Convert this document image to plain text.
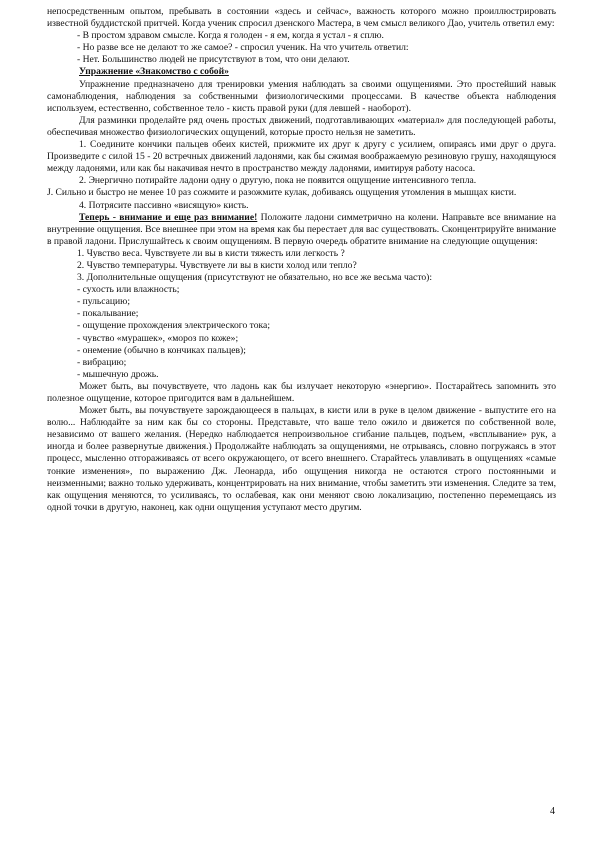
непосредственным опытом, пребывать в состоянии «здесь и сейчас», важность которого можно проиллюстрировать известной буддистской притчей. Когда ученик спросил дзенского Мастера, в чем смысл великого Дао, учитель ответил ему:

- В простом здравом смысле. Когда я голоден - я ем, когда я устал - я сплю.

- Но разве все не делают то же самое? - спросил ученик. На что учитель ответил:

- Нет. Большинство людей не присутствуют в том, что они делают.

Упражнение «Знакомство с собой»

Упражнение предназначено для тренировки умения наблюдать за своими ощущениями. Это простейший навык самонаблюдения, наблюдения за собственными физиологическими процессами. В качестве объекта наблюдения используем, естественно, собственное тело - кисть правой руки (для левшей - наоборот).

Для разминки проделайте ряд очень простых движений, подготавливающих «материал» для последующей работы, обеспечивая множество физиологических ощущений, которые просто нельзя не заметить.

1. Соедините кончики пальцев обеих кистей, прижмите их друг к другу с усилием, опираясь ими друг о друга. Произведите с силой 15 - 20 встречных движений ладонями, как бы сжимая воображаемую резиновую грушу, находящуюся между ладонями, или как бы накачивая нечто в пространство между ладонями, имитируя работу насоса.

2. Энергично потирайте ладони одну о другую, пока не появится ощущение интенсивного тепла.

J. Сильно и быстро не менее 10 раз сожмите и разожмите кулак, добиваясь ощущения утомления в мышцах кисти.

4. Потрясите пассивно «висящую» кисть.

Теперь - внимание и еще раз внимание! Положите ладони симметрично на колени. Направьте все внимание на внутренние ощущения. Все внешнее при этом на время как бы перестает для вас существовать. Сконцентрируйте внимание в правой ладони. Прислушайтесь к своим ощущениям. В первую очередь обратите внимание на следующие ощущения:

1. Чувство веса. Чувствуете ли вы в кисти тяжесть или легкость ?

2. Чувство температуры. Чувствуете ли вы в кисти холод или тепло?

3. Дополнительные ощущения (присутствуют не обязательно, но все же весьма часто):

- сухость или влажность;

- пульсацию;

- покалывание;

- ощущение прохождения электрического тока;

- чувство «мурашек», «мороз по коже»;

- онемение (обычно в кончиках пальцев);

- вибрацию;

- мышечную дрожь.

Может быть, вы почувствуете, что ладонь как бы излучает некоторую «энергию». Постарайтесь запомнить это полезное ощущение, которое пригодится вам в дальнейшем.

Может быть, вы почувствуете зарождающееся в пальцах, в кисти или в руке в целом движение - выпустите его на волю... Наблюдайте за ним как бы со стороны. Представьте, что ваше тело ожило и движется по собственной воле, независимо от вашего желания. (Нередко наблюдается непроизвольное сгибание пальцев, подъем, «всплывание» рук, а иногда и более развернутые движения.) Продолжайте наблюдать за ощущениями, не отрываясь, словно погружаясь в этот процесс, мысленно отгораживаясь от всего окружающего, от всего внешнего. Старайтесь улавливать в ощущениях «самые тонкие изменения», по выражению Дж. Леонарда, ибо ощущения никогда не остаются строго постоянными и неизменными; важно только удерживать, концентрировать на них внимание, чтобы заметить эти изменения. Следите за тем, как ощущения меняются, то усиливаясь, то ослабевая, как они меняют свою локализацию, постепенно перемещаясь из одной точки в другую, наконец, как одни ощущения уступают место другим.

4
